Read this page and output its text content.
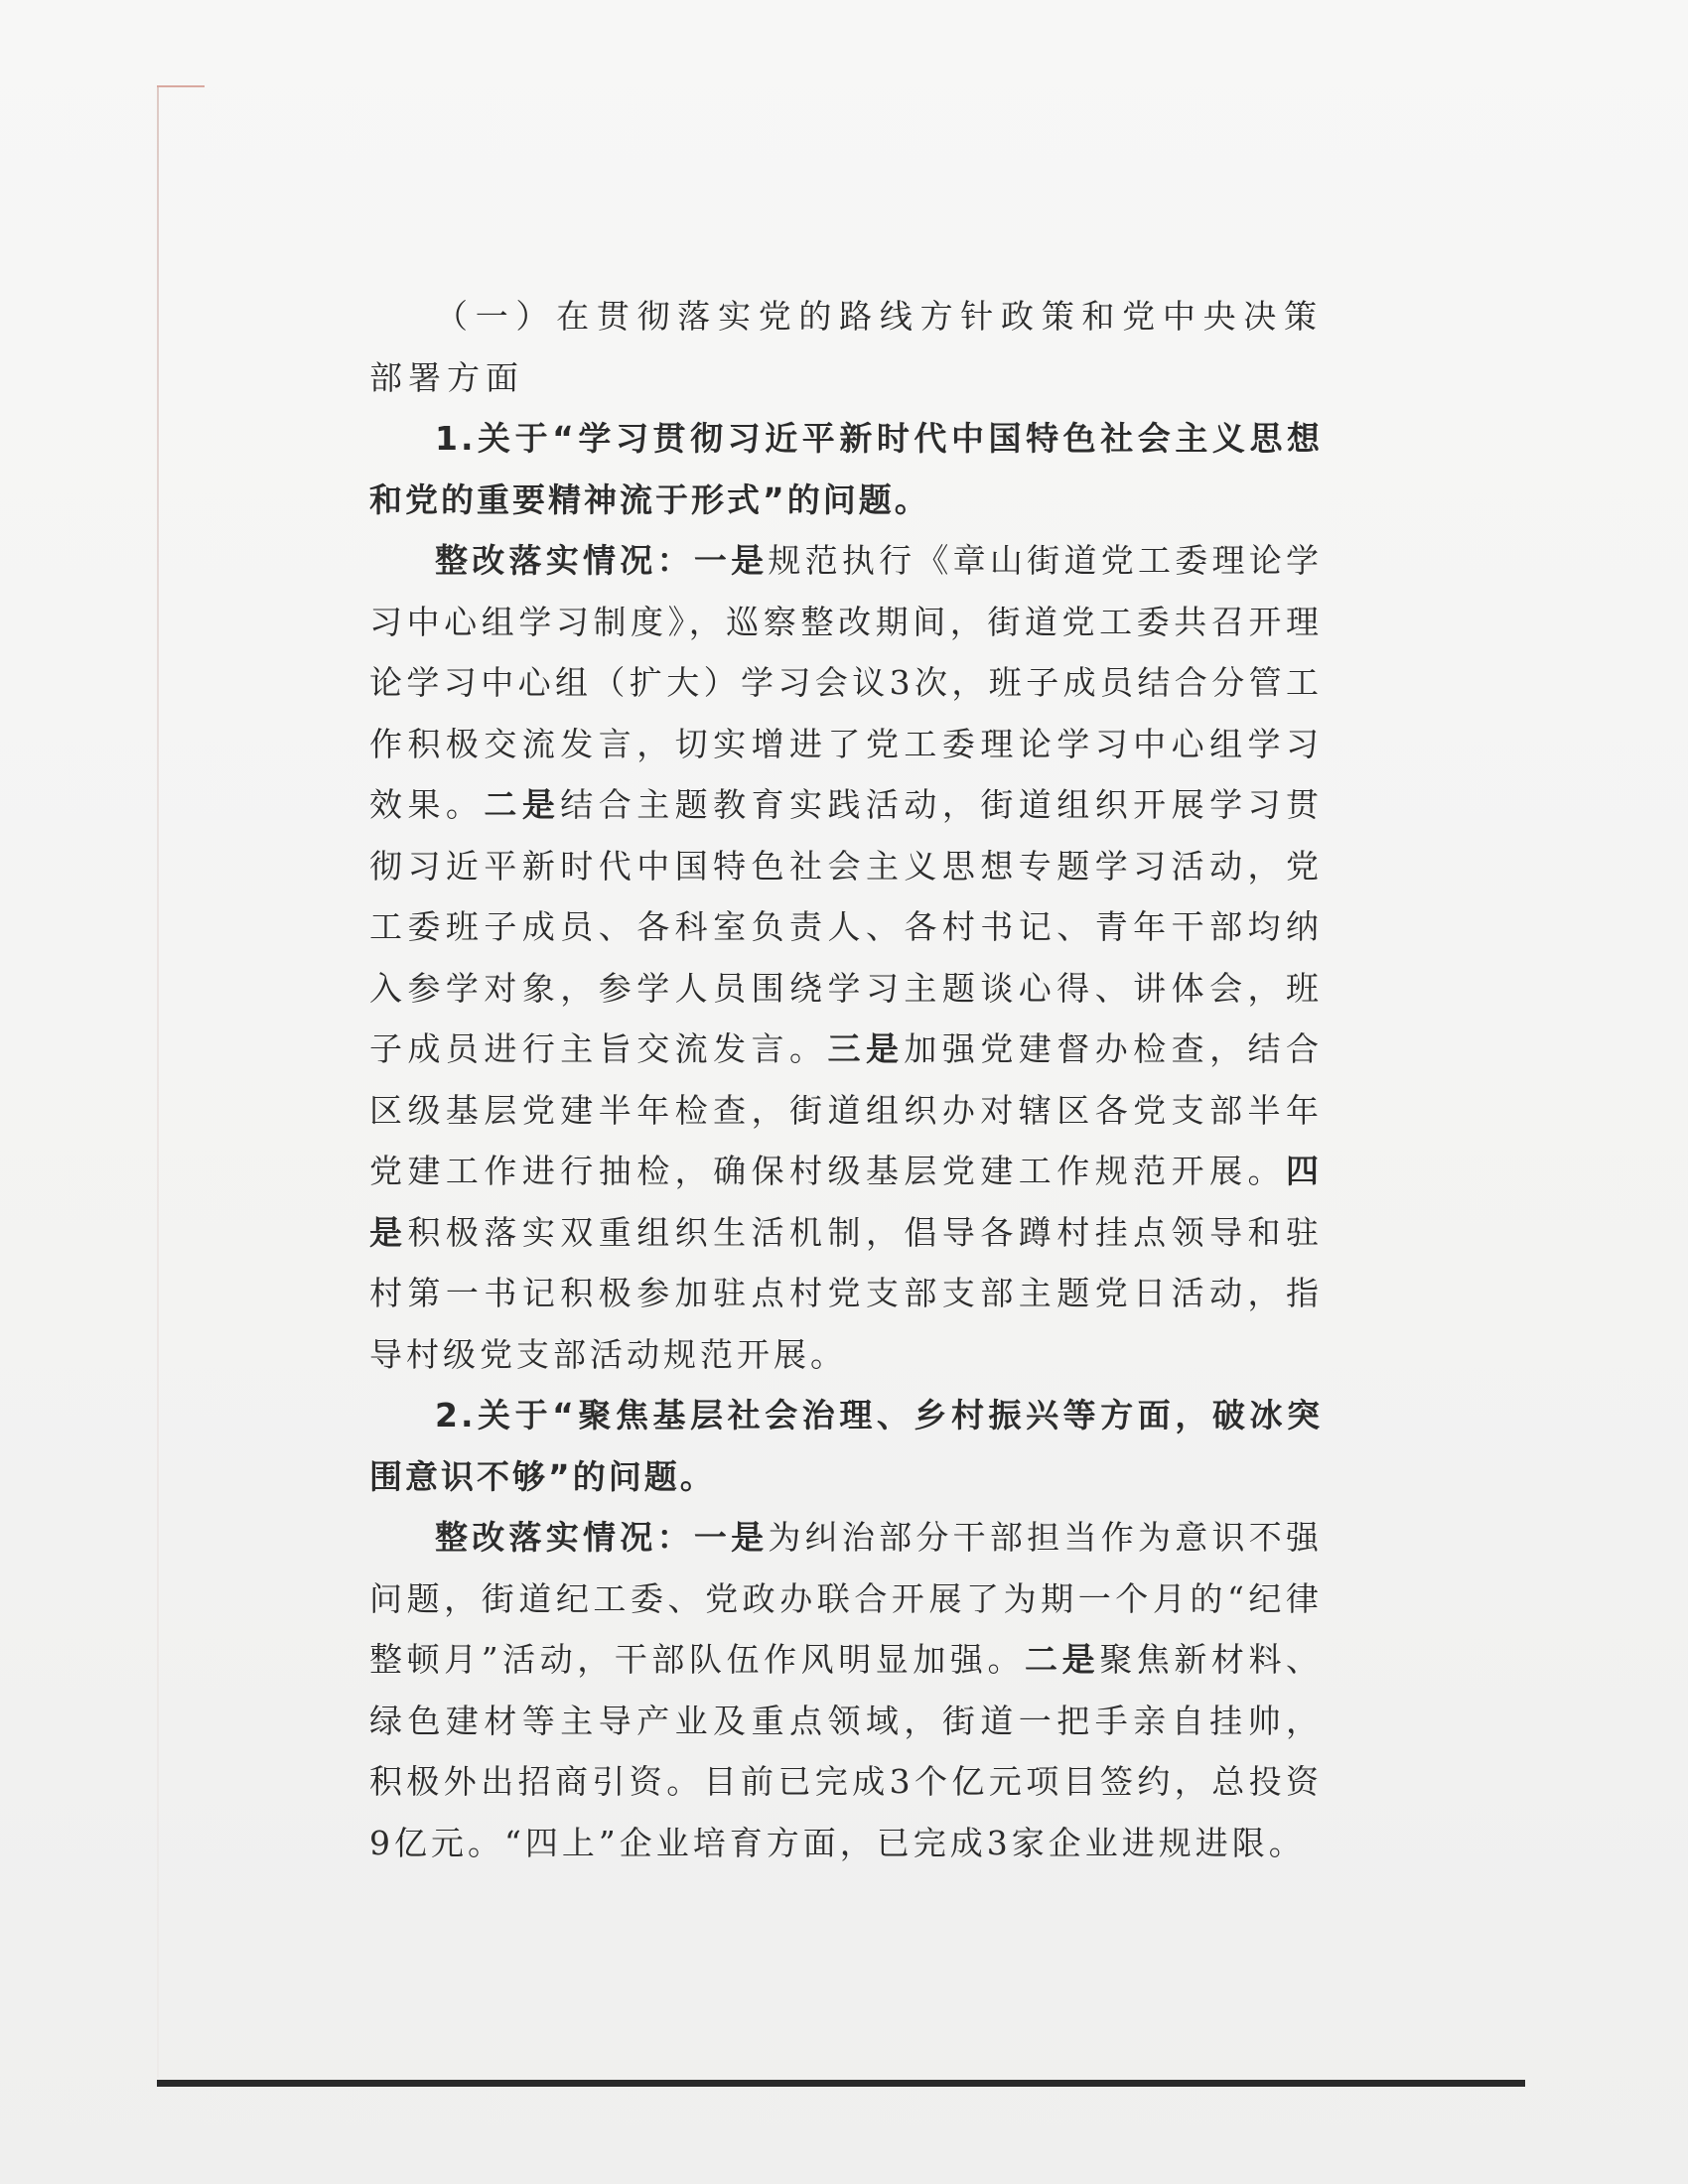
（一）在贯彻落实党的路线方针政策和党中央决策部署方面

1.关于“学习贯彻习近平新时代中国特色社会主义思想和党的重要精神流于形式”的问题。

整改落实情况：一是规范执行《章山街道党工委理论学习中心组学习制度》，巡察整改期间，街道党工委共召开理论学习中心组（扩大）学习会议3次，班子成员结合分管工作积极交流发言，切实增进了党工委理论学习中心组学习效果。二是结合主题教育实践活动，街道组织开展学习贯彻习近平新时代中国特色社会主义思想专题学习活动，党工委班子成员、各科室负责人、各村书记、青年干部均纳入参学对象，参学人员围绕学习主题谈心得、讲体会，班子成员进行主旨交流发言。三是加强党建督办检查，结合区级基层党建半年检查，街道组织办对辖区各党支部半年党建工作进行抽检，确保村级基层党建工作规范开展。四是积极落实双重组织生活机制，倡导各蹲村挂点领导和驻村第一书记积极参加驻点村党支部支部主题党日活动，指导村级党支部活动规范开展。

2.关于“聚焦基层社会治理、乡村振兴等方面，破冰突围意识不够”的问题。

整改落实情况：一是为纠治部分干部担当作为意识不强问题，街道纪工委、党政办联合开展了为期一个月的“纪律整顿月”活动，干部队伍作风明显加强。二是聚焦新材料、绿色建材等主导产业及重点领域，街道一把手亲自挂帅，积极外出招商引资。目前已完成3个亿元项目签约，总投资9亿元。“四上”企业培育方面，已完成3家企业进规进限。
